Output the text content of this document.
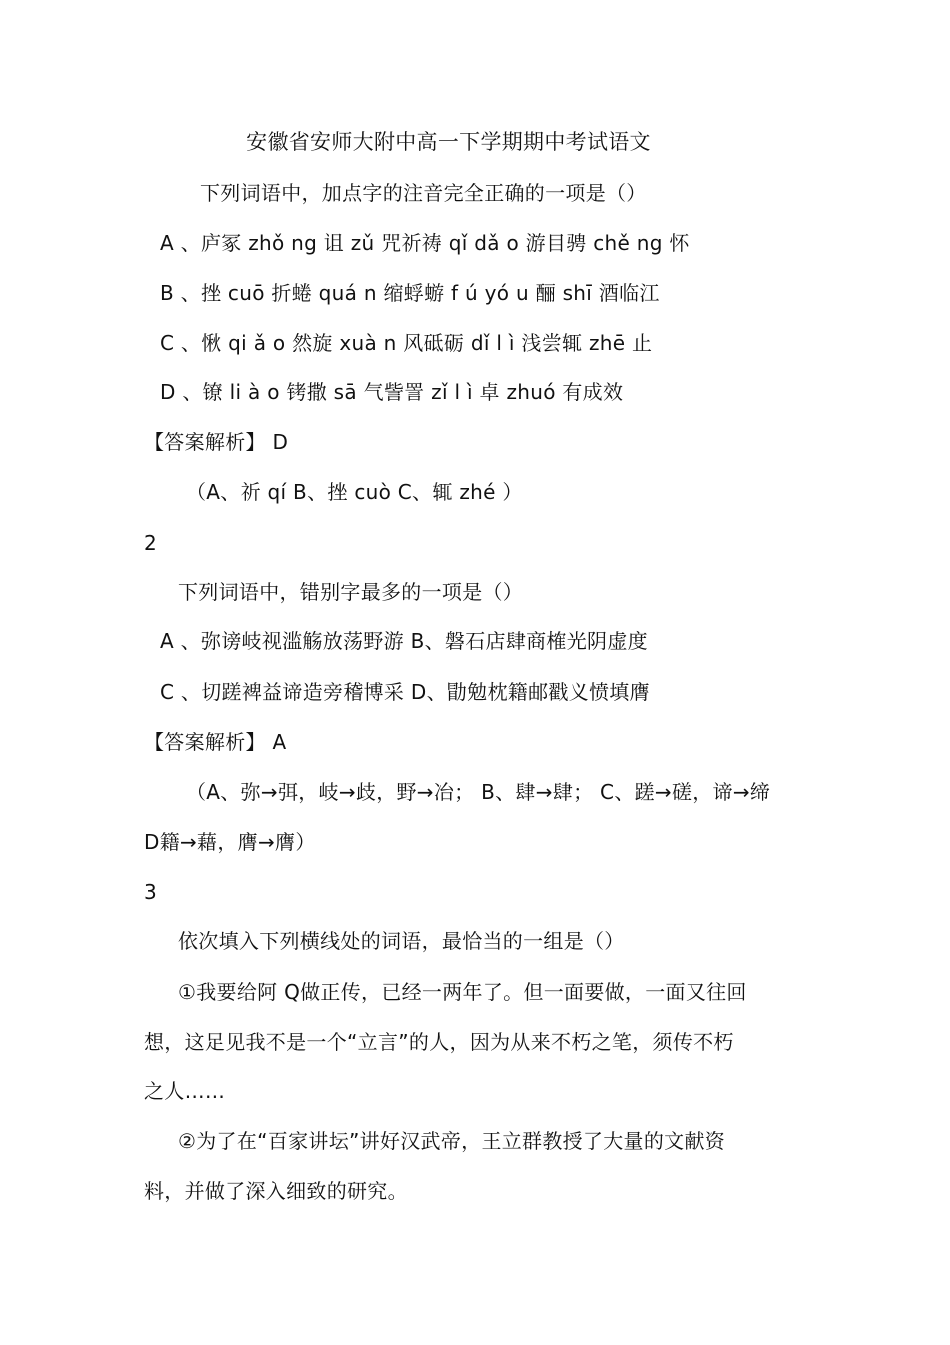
安徽省安师大附中高一下学期期中考试语文
下列词语中，加点字的注音完全正确的一项是（）
A 、庐冢 zhǒ ng 诅 zǔ 咒祈祷 qǐ dǎ o 游目骋 chě ng 怀
B 、挫 cuō 折蜷 quá n 缩蜉蝣 f ú yó u 酾 shī 酒临江
C 、愀 qi ǎ o 然旋 xuà n 风砥砺 dǐ l ì 浅尝辄 zhē 止
D 、镣 li à o 铐撒 sā 气訾詈 zǐ l ì 卓 zhuó 有成效
【答案解析】 D
（A、祈 qí B、挫 cuò C、辄 zhé ）
2
下列词语中，错别字最多的一项是（）
A 、弥谤岐视滥觞放荡野游 B、磐石店肆商榷光阴虚度
C 、切蹉裨益谛造旁稽博采 D、勖勉枕籍邮戳义愤填膺
【答案解析】 A
（A、弥→弭，岐→歧，野→冶； B、肆→肆； C、蹉→磋，谛→缔
D籍→藉，膺→膺）
3
依次填入下列横线处的词语，最恰当的一组是（）
①我要给阿 Q做正传，已经一两年了。但一面要做，一面又往回
想，这足见我不是一个“立言”的人，因为从来不朽之笔，须传不朽
之人……
②为了在“百家讲坛”讲好汉武帝，王立群教授了大量的文献资
料，并做了深入细致的研究。
